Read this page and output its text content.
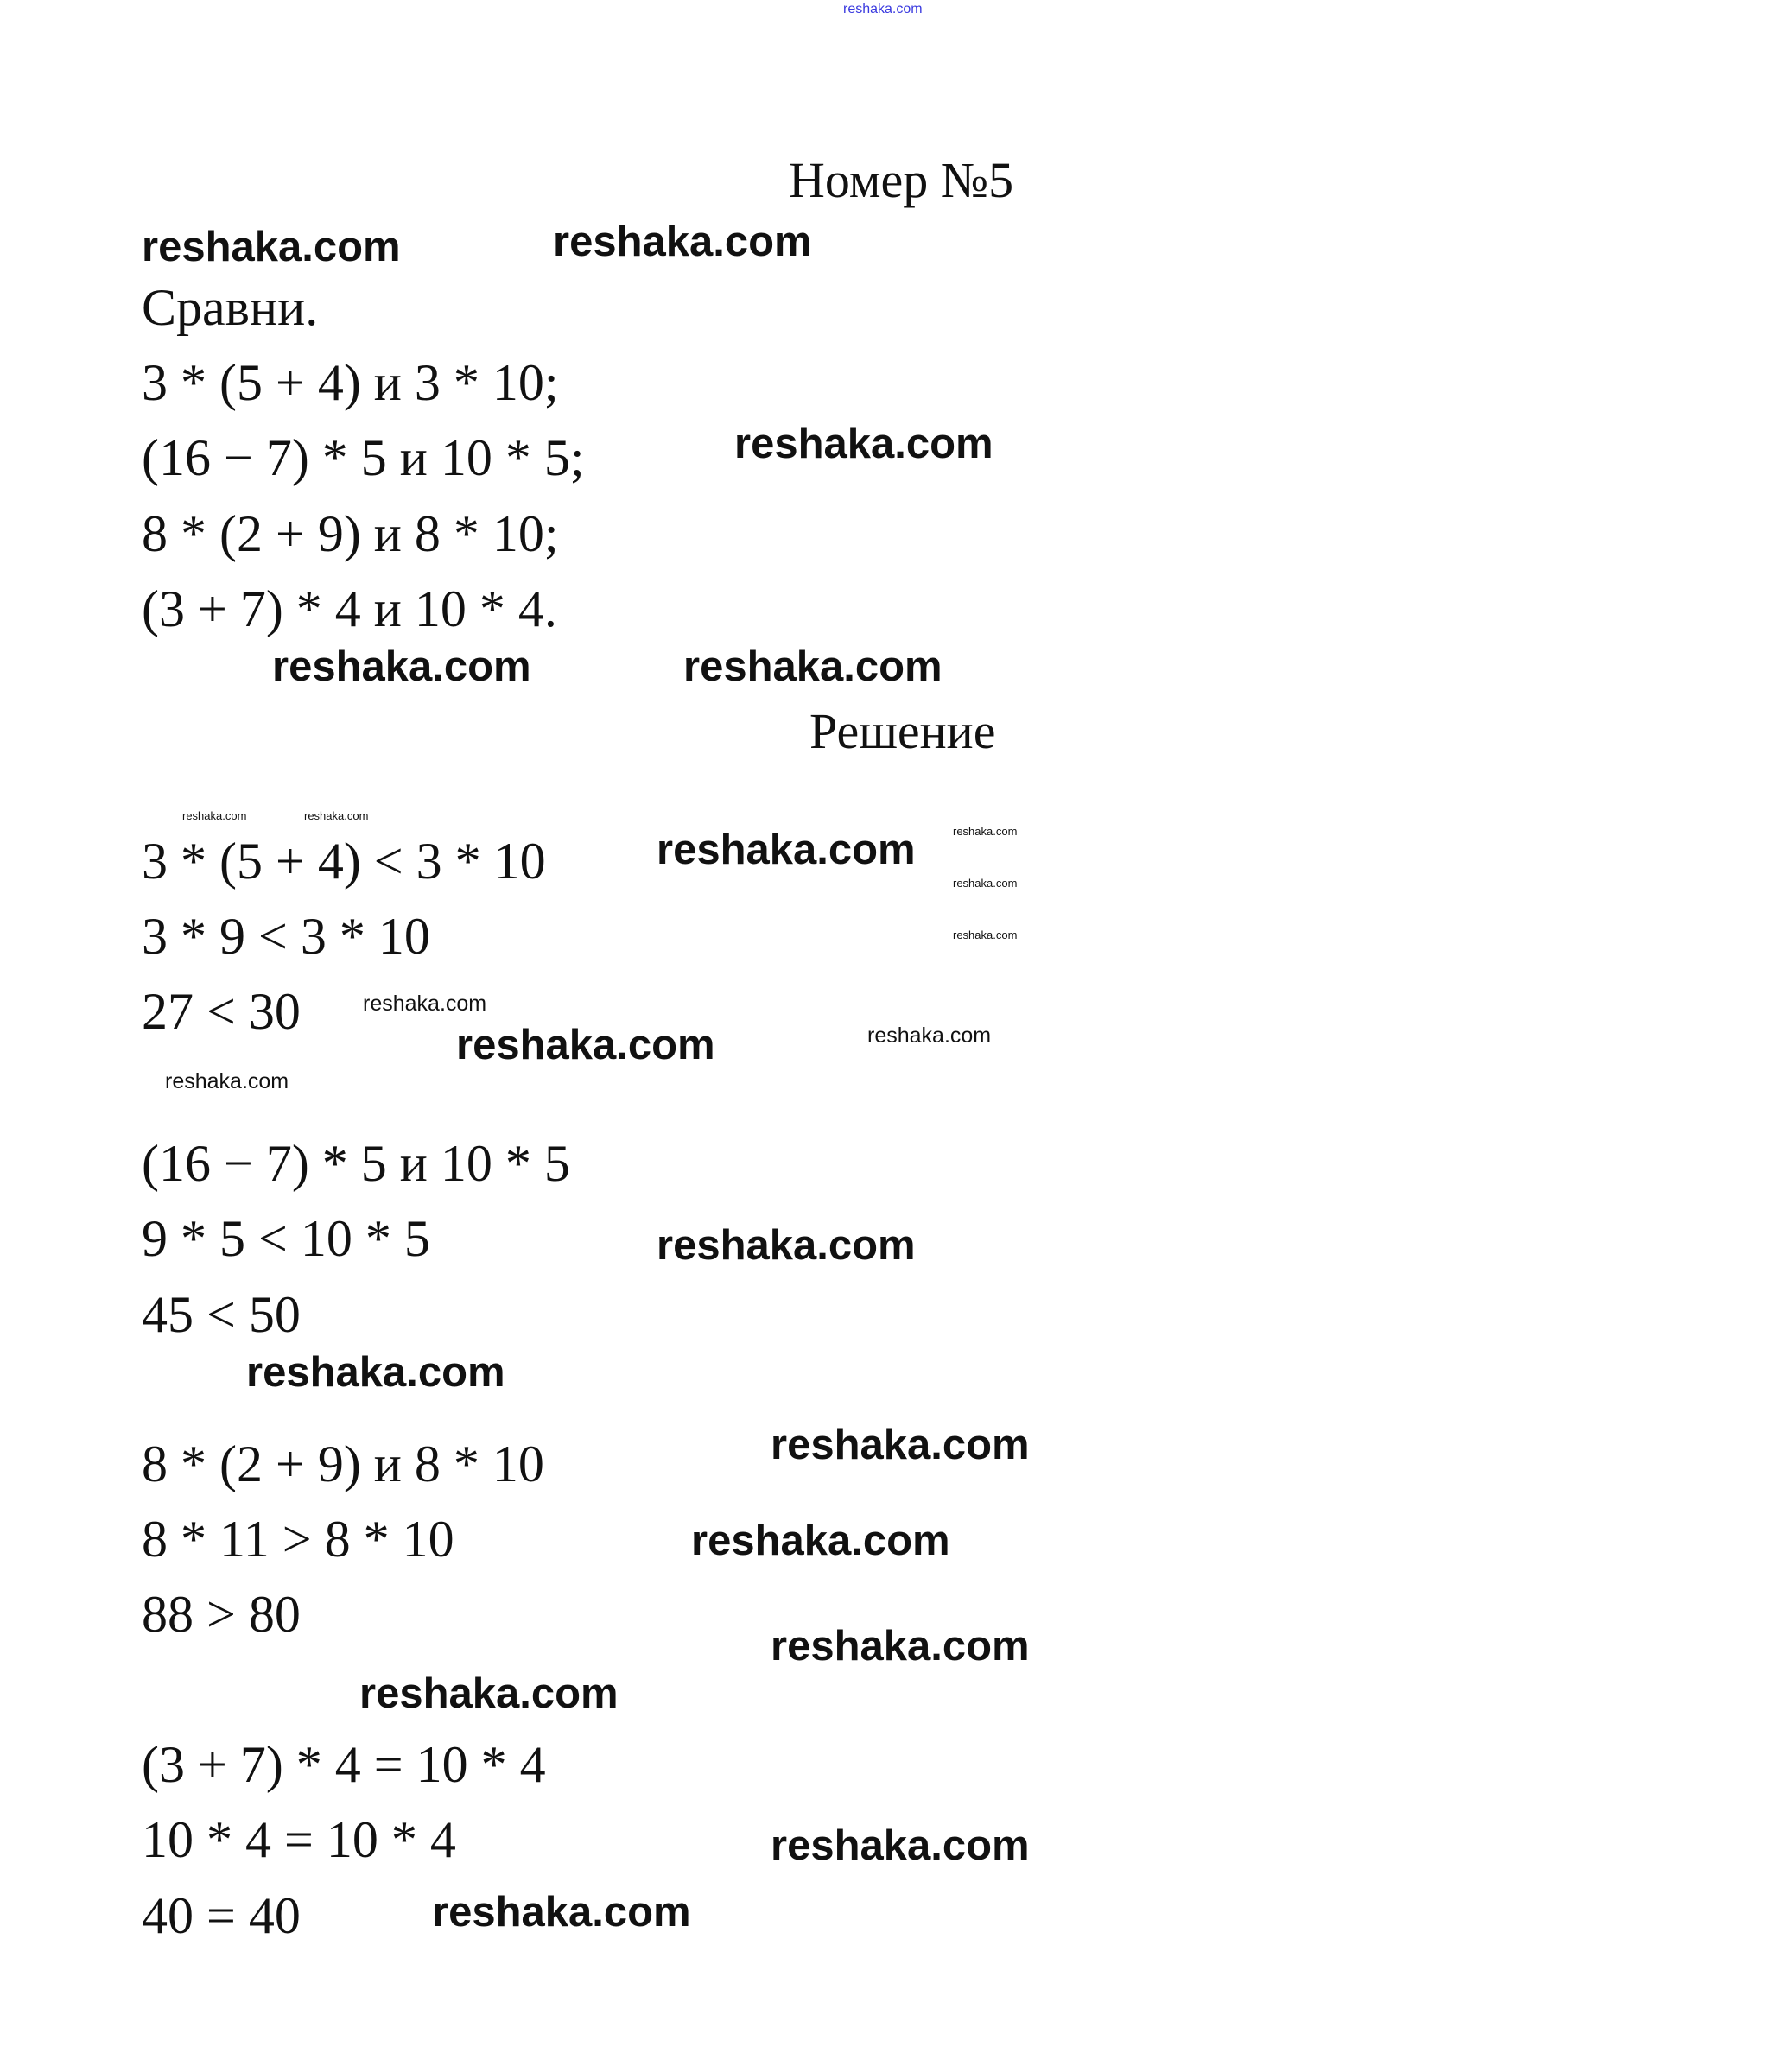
reshaka.com
Номер №5
Сравни.
3 * (5 + 4) и 3 * 10;
(16 − 7) * 5 и 10 * 5;
8 * (2 + 9) и 8 * 10;
(3 + 7) * 4 и 10 * 4.
Решение
3 * (5 + 4) < 3 * 10
3 * 9 < 3 * 10
27 < 30
(16 − 7) * 5 и 10 * 5
9 * 5 < 10 * 5
45 < 50
8 * (2 + 9) и 8 * 10
8 * 11 > 8 * 10
88 > 80
(3 + 7) * 4 = 10 * 4
10 * 4 = 10 * 4
40 = 40
reshaka.com
reshaka.com
reshaka.com
reshaka.com	reshaka.com
reshaka.com
reshaka.com
reshaka.com
reshaka.com
reshaka.com
reshaka.com
reshaka.com
reshaka.com
reshaka.com
reshaka.com
reshaka.com
reshaka.com
reshaka.com
reshaka.com	reshaka.com
reshaka.com
reshaka.com
reshaka.com
